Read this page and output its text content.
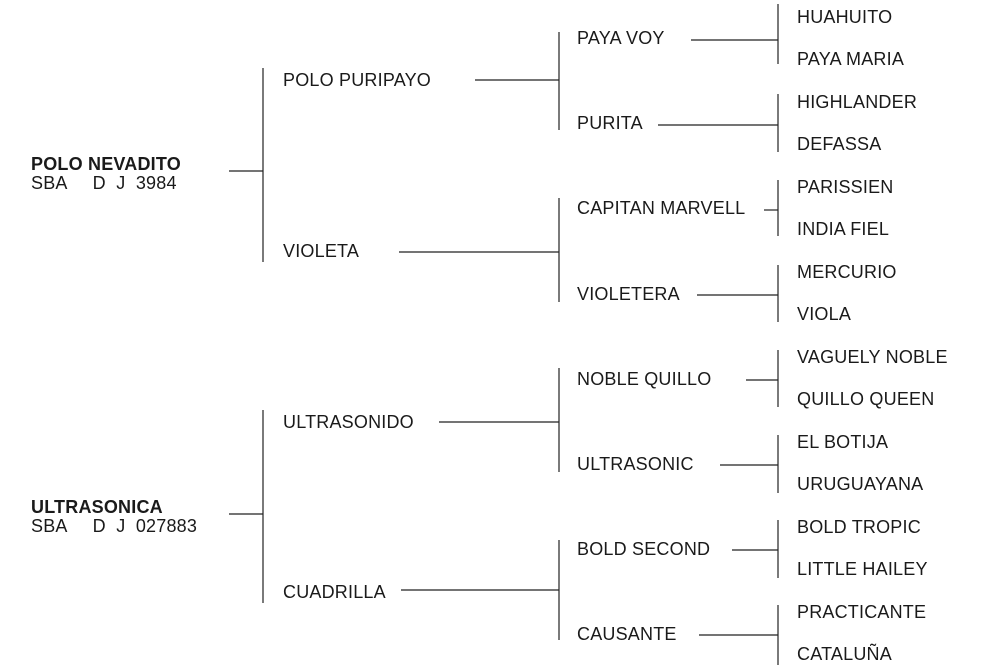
POLO NEVADITO
SBA     D  J  3984
ULTRASONICA
SBA     D  J  027883
POLO PURIPAYO
VIOLETA
ULTRASONIDO
CUADRILLA
PAYA VOY
PURITA
CAPITAN MARVELL
VIOLETERA
NOBLE QUILLO
ULTRASONIC
BOLD SECOND
CAUSANTE
HUAHUITO
PAYA MARIA
HIGHLANDER
DEFASSA
PARISSIEN
INDIA FIEL
MERCURIO
VIOLA
VAGUELY NOBLE
QUILLO QUEEN
EL BOTIJA
URUGUAYANA
BOLD TROPIC
LITTLE HAILEY
PRACTICANTE
CATALUÑA
